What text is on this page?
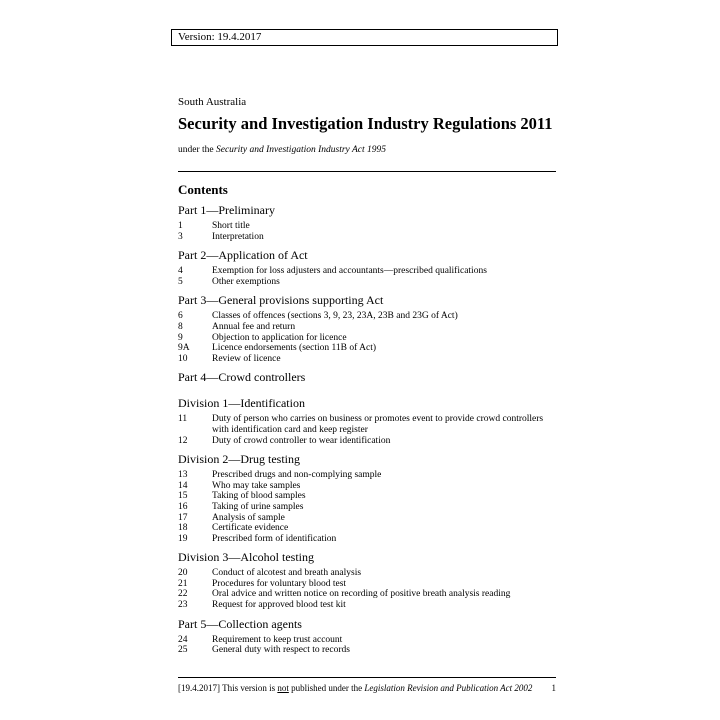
Version: 19.4.2017
South Australia
Security and Investigation Industry Regulations 2011
under the Security and Investigation Industry Act 1995
Contents
Part 1—Preliminary
1	Short title
3	Interpretation
Part 2—Application of Act
4	Exemption for loss adjusters and accountants—prescribed qualifications
5	Other exemptions
Part 3—General provisions supporting Act
6	Classes of offences (sections 3, 9, 23, 23A, 23B and 23G of Act)
8	Annual fee and return
9	Objection to application for licence
9A	Licence endorsements (section 11B of Act)
10	Review of licence
Part 4—Crowd controllers
Division 1—Identification
11	Duty of person who carries on business or promotes event to provide crowd controllers with identification card and keep register
12	Duty of crowd controller to wear identification
Division 2—Drug testing
13	Prescribed drugs and non-complying sample
14	Who may take samples
15	Taking of blood samples
16	Taking of urine samples
17	Analysis of sample
18	Certificate evidence
19	Prescribed form of identification
Division 3—Alcohol testing
20	Conduct of alcotest and breath analysis
21	Procedures for voluntary blood test
22	Oral advice and written notice on recording of positive breath analysis reading
23	Request for approved blood test kit
Part 5—Collection agents
24	Requirement to keep trust account
25	General duty with respect to records
[19.4.2017] This version is not published under the Legislation Revision and Publication Act 2002 1
